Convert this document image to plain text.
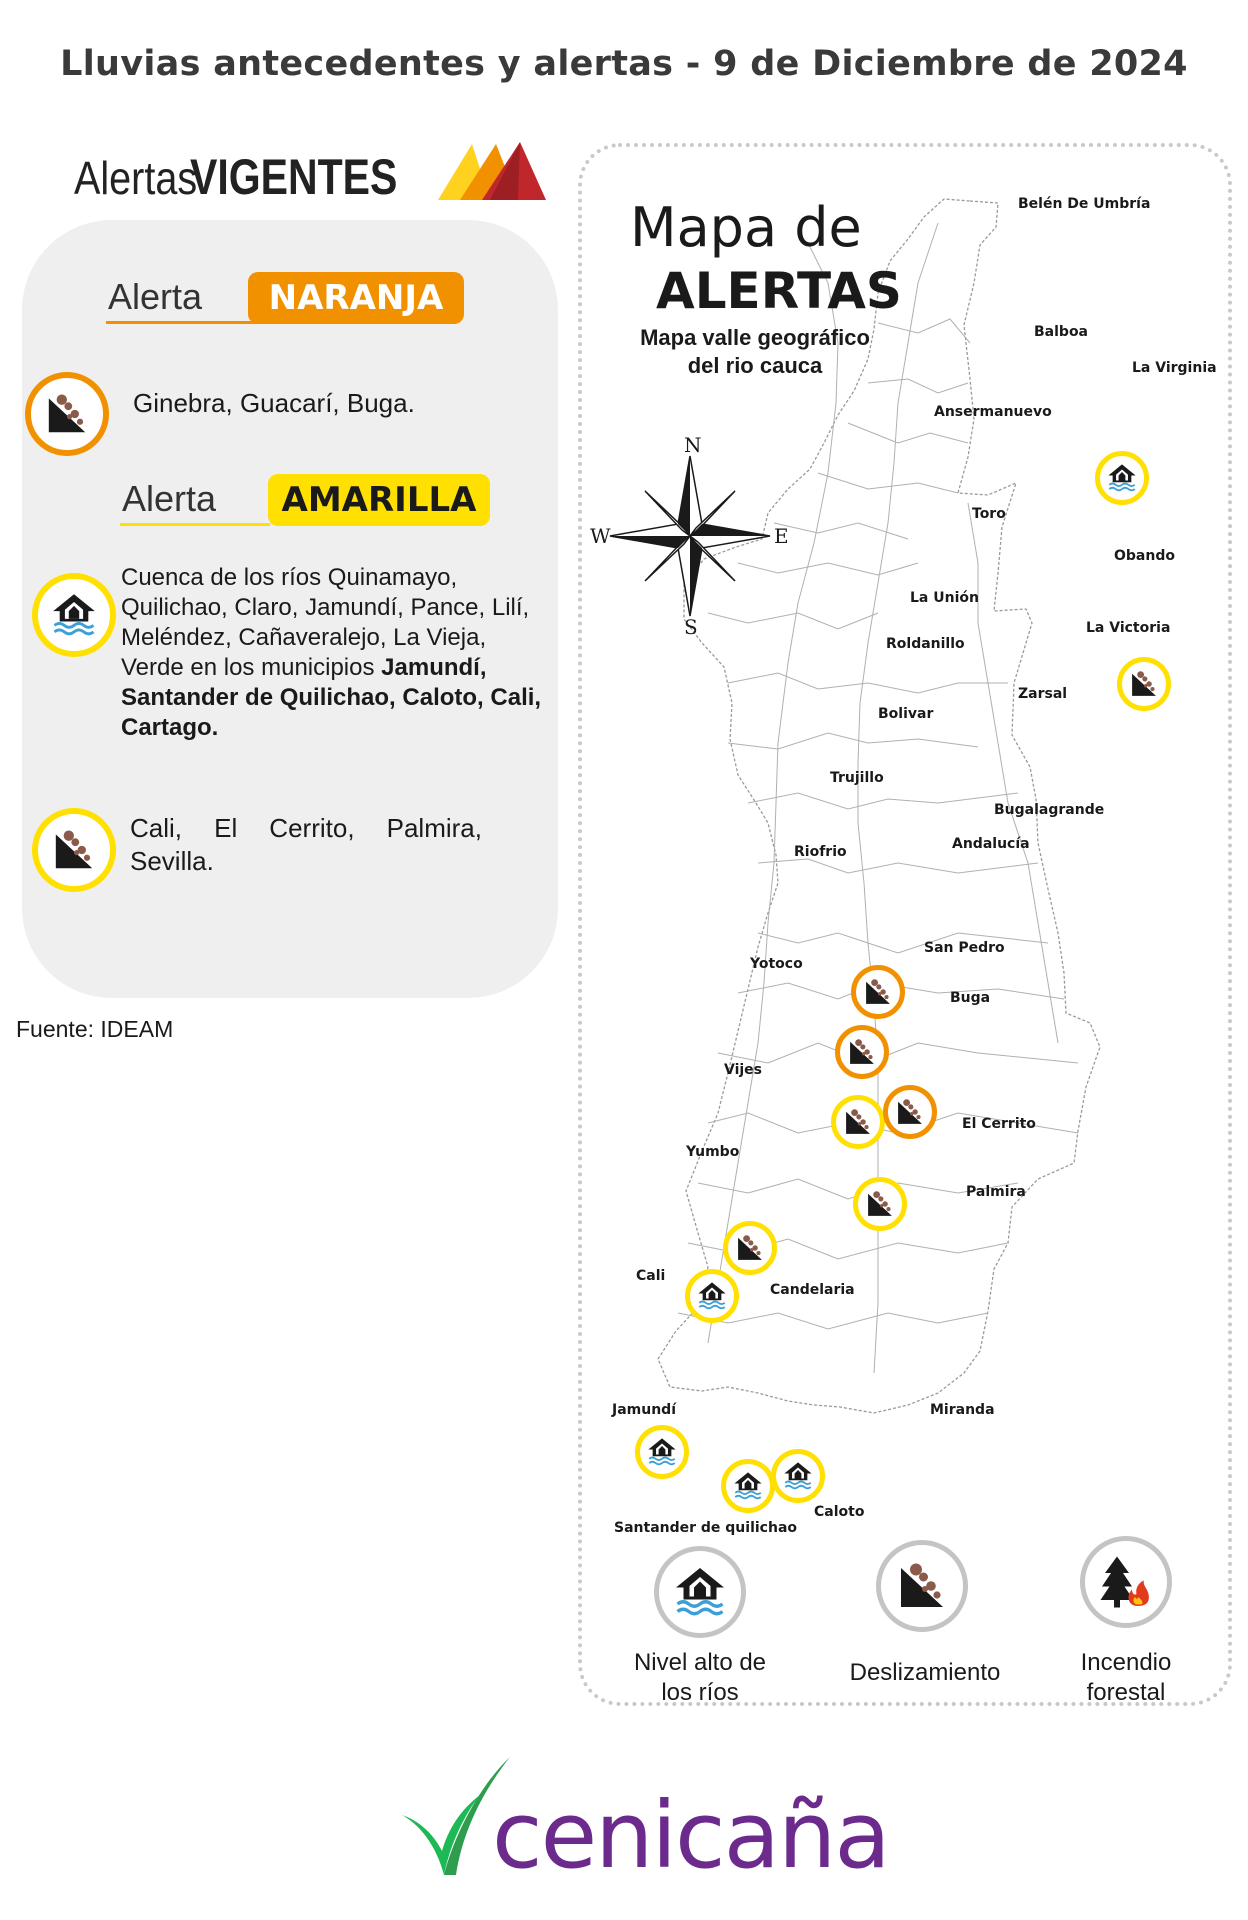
Lluvias antecedentes y alertas - 9 de Diciembre de 2024
Alertas VIGENTES
Alerta	NARANJA
Ginebra, Guacarí, Buga.
Alerta	AMARILLA
Cuenca de los ríos Quinamayo, Quilichao, Claro, Jamundí, Pance, Lilí, Meléndez, Cañaveralejo, La Vieja, Verde en los municipios Jamundí, Santander de Quilichao, Caloto, Cali, Cartago.
Cali, El Cerrito, Palmira, Sevilla.
Fuente: IDEAM
Mapa de
ALERTAS
Mapa valle geográfico
del rio cauca
N
S
E
W
Belén De Umbría
Balboa
La Virginia
Ansermanuevo
Toro
Obando
La Unión
Roldanillo
La Victoria
Zarsal
Bolivar
Trujillo
Bugalagrande
Andalucía
Riofrio
San Pedro
Yotoco
Buga
Vijes
El Cerrito
Yumbo
Palmira
Cali
Candelaria
Jamundí	Miranda
Caloto
Santander de quilichao
Nivel alto de
los ríos
Deslizamiento	Incendio
forestal
cenicaña
